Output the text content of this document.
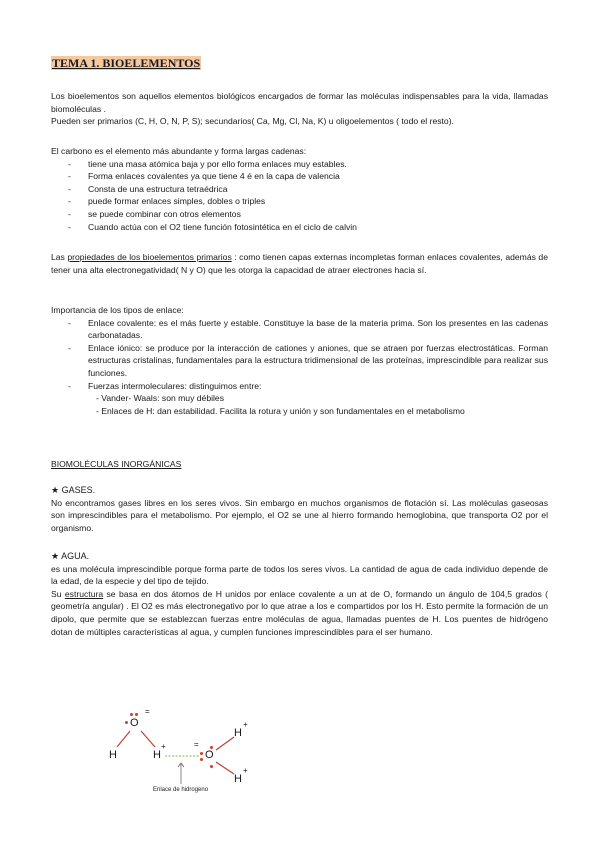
TEMA 1. BIOELEMENTOS

Los bioelementos son aquellos elementos biológicos encargados de formar las moléculas indispensables para la vida, llamadas biomoléculas .

Pueden ser primarios (C, H, O, N, P, S); secundarios( Ca, Mg, Cl, Na, K) u oligoelementos ( todo el resto).

El carbono es el elemento más abundante y forma largas cadenas:

- tiene una masa atómica baja y por ello forma enlaces muy estables.
- Forma enlaces covalentes ya que tiene 4 é en la capa de valencia
- Consta de una estructura tetraédrica
- puede formar enlaces simples, dobles o triples
- se puede combinar con otros elementos
- Cuando actúa con el O2 tiene función fotosintética en el ciclo de calvin

Las propiedades de los bioelementos primarios : como tienen capas externas incompletas forman enlaces covalentes, además de tener una alta electronegatividad( N y O) que les otorga la capacidad de atraer electrones hacia sí.

Importancia de los tipos de enlace:

- Enlace covalente: es el más fuerte y estable. Constituye la base de la materia prima. Son los presentes en las cadenas carbonatadas.
- Enlace iónico: se produce por la interacción de cationes y aniones, que se atraen por fuerzas electrostáticas. Forman estructuras cristalinas, fundamentales para la estructura tridimensional de las proteínas, imprescindible para realizar sus funciones.
- Fuerzas intermoleculares: distinguimos entre:

- Vander- Waals: son muy débiles

- Enlaces de H: dan estabilidad. Facilita la rotura y unión y son fundamentales en el metabolismo

BIOMOLÉCULAS INORGÁNICAS

★ GASES.

No encontramos gases libres en los seres vivos. Sin embargo en muchos organismos de flotación sí. Las moléculas gaseosas son imprescindibles para el metabolismo. Por ejemplo, el O2 se une al hierro formando hemoglobina, que transporta O2 por el organismo.

★ AGUA.

es una molécula imprescindible porque forma parte de todos los seres vivos. La cantidad de agua de cada individuo depende de la edad, de la especie y del tipo de tejido.

Su estructura se basa en dos átomos de H unidos por enlace covalente a un at de O, formando un ángulo de 104,5 grados ( geometría angular) . El O2 es más electronegativo por lo que atrae a los e compartidos por los H. Esto permite la formación de un dipolo, que permite que se establezcan fuerzas entre moléculas de agua, llamadas puentes de H. Los puentes de hidrógeno dotan de múltiples características al agua, y cumplen funciones imprescindibles para el ser humano.

O
=
H	H
+	=
O
H
+
H
+
Enlace de hidrogeno
